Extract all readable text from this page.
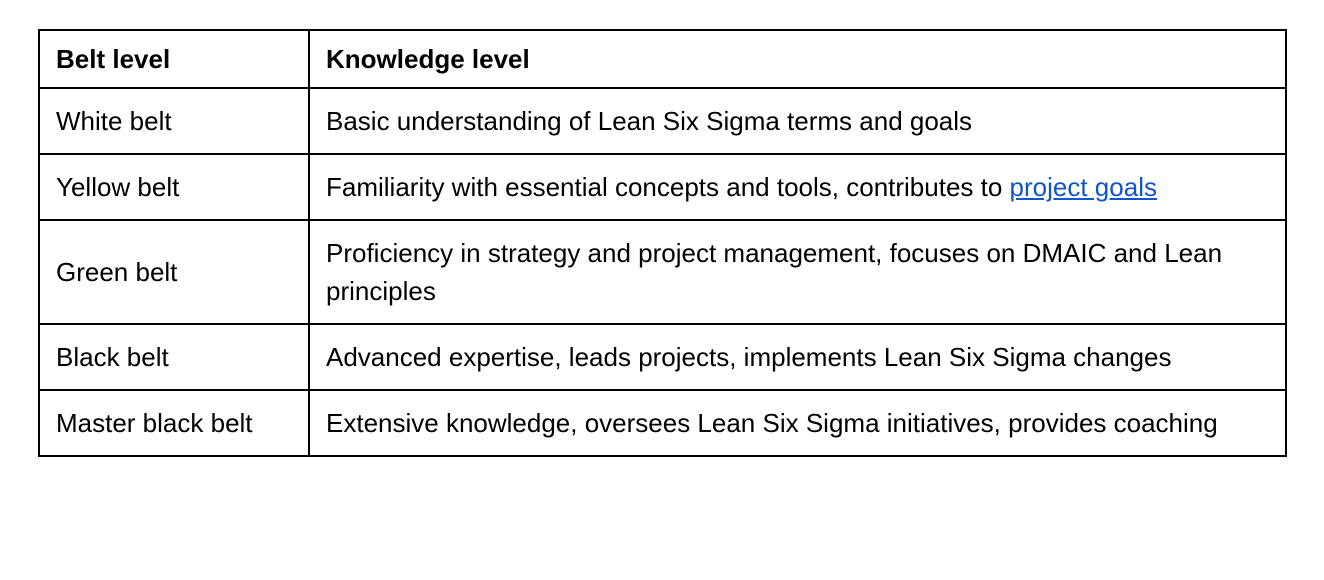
Belt level	Knowledge level
White belt	Basic understanding of Lean Six Sigma terms and goals
Yellow belt	Familiarity with essential concepts and tools, contributes to project goals
Green belt	Proficiency in strategy and project management, focuses on DMAIC and Lean principles
Black belt	Advanced expertise, leads projects, implements Lean Six Sigma changes
Master black belt	Extensive knowledge, oversees Lean Six Sigma initiatives, provides coaching
